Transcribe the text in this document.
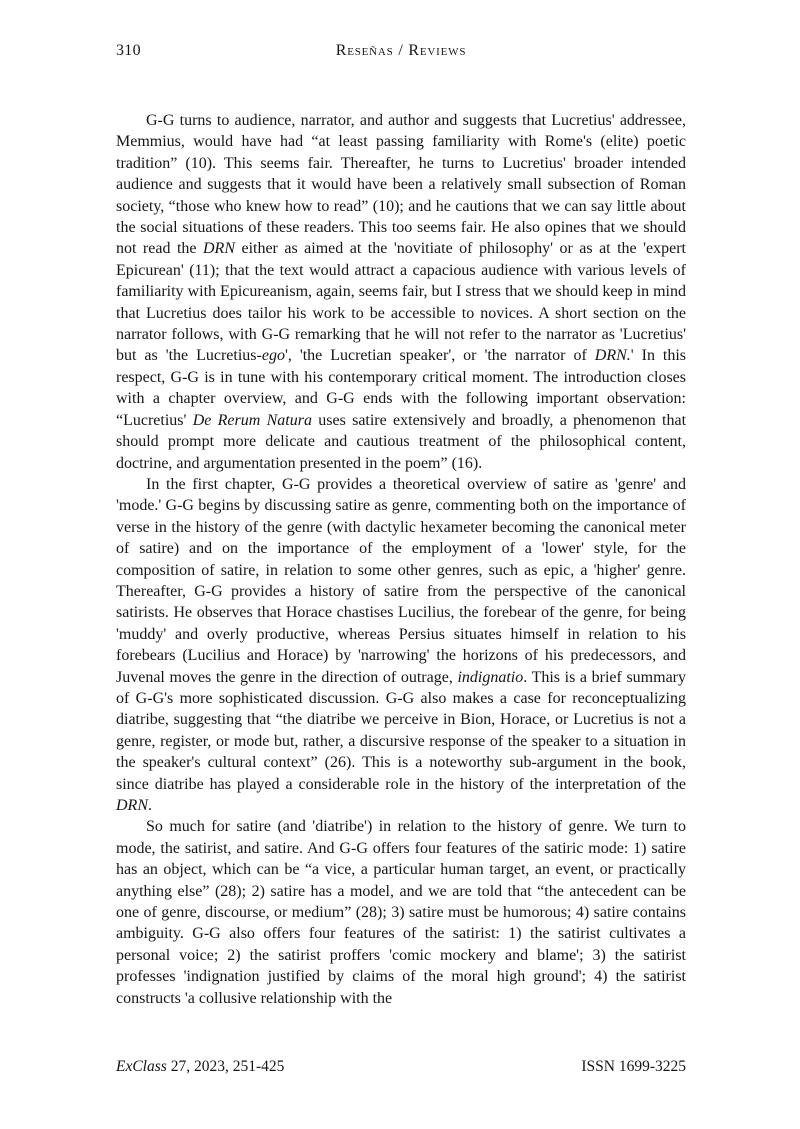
310	Reseñas / Reviews

G-G turns to audience, narrator, and author and suggests that Lucretius' addressee, Memmius, would have had “at least passing familiarity with Rome's (elite) poetic tradition” (10). This seems fair. Thereafter, he turns to Lucretius' broader intended audience and suggests that it would have been a relatively small subsection of Roman society, “those who knew how to read” (10); and he cautions that we can say little about the social situations of these readers. This too seems fair. He also opines that we should not read the DRN either as aimed at the 'novitiate of philosophy' or as at the 'expert Epicurean' (11); that the text would attract a capacious audience with various levels of familiarity with Epicureanism, again, seems fair, but I stress that we should keep in mind that Lucretius does tailor his work to be accessible to novices. A short section on the narrator follows, with G-G remarking that he will not refer to the narrator as 'Lucretius' but as 'the Lucretius-ego', 'the Lucretian speaker', or 'the narrator of DRN.' In this respect, G-G is in tune with his contemporary critical moment. The introduction closes with a chapter overview, and G-G ends with the following important observation: “Lucretius' De Rerum Natura uses satire extensively and broadly, a phenomenon that should prompt more delicate and cautious treatment of the philosophical content, doctrine, and argumentation presented in the poem” (16).

In the first chapter, G-G provides a theoretical overview of satire as 'genre' and 'mode.' G-G begins by discussing satire as genre, commenting both on the importance of verse in the history of the genre (with dactylic hexameter becoming the canonical meter of satire) and on the importance of the employment of a 'lower' style, for the composition of satire, in relation to some other genres, such as epic, a 'higher' genre. Thereafter, G-G provides a history of satire from the perspective of the canonical satirists. He observes that Horace chastises Lucilius, the forebear of the genre, for being 'muddy' and overly productive, whereas Persius situates himself in relation to his forebears (Lucilius and Horace) by 'narrowing' the horizons of his predecessors, and Juvenal moves the genre in the direction of outrage, indignatio. This is a brief summary of G-G's more sophisticated discussion. G-G also makes a case for reconceptualizing diatribe, suggesting that “the diatribe we perceive in Bion, Horace, or Lucretius is not a genre, register, or mode but, rather, a discursive response of the speaker to a situation in the speaker's cultural context” (26). This is a noteworthy sub-argument in the book, since diatribe has played a considerable role in the history of the interpretation of the DRN.

So much for satire (and 'diatribe') in relation to the history of genre. We turn to mode, the satirist, and satire. And G-G offers four features of the satiric mode: 1) satire has an object, which can be “a vice, a particular human target, an event, or practically anything else” (28); 2) satire has a model, and we are told that “the antecedent can be one of genre, discourse, or medium” (28); 3) satire must be humorous; 4) satire contains ambiguity. G-G also offers four features of the satirist: 1) the satirist cultivates a personal voice; 2) the satirist proffers 'comic mockery and blame'; 3) the satirist professes 'indignation justified by claims of the moral high ground'; 4) the satirist constructs 'a collusive relationship with the

ExClass 27, 2023, 251-425	ISSN 1699-3225
